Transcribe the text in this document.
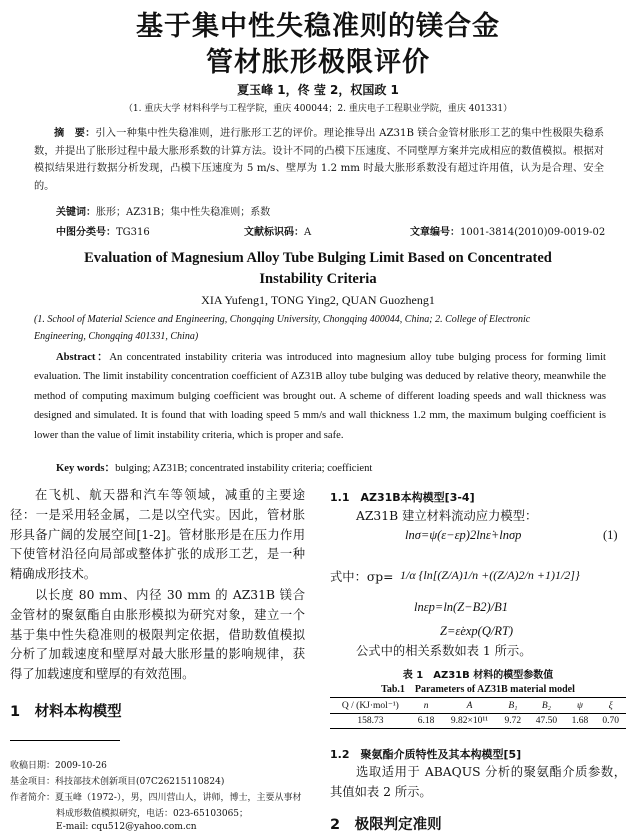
基于集中性失稳准则的镁合金
管材胀形极限评价
夏玉峰 1，佟 莹 2，权国政 1
（1. 重庆大学 材料科学与工程学院，重庆 400044；2. 重庆电子工程职业学院，重庆 401331）
摘　要：引入一种集中性失稳准则，进行胀形工艺的评价。理论推导出 AZ31B 镁合金管材胀形工艺的集中性极限失稳系数，并提出了胀形过程中最大胀形系数的计算方法。设计不同的凸模下压速度、不同壁厚方案并完成相应的数值模拟。根据对模拟结果进行数据分析发现，凸模下压速度为 5 m/s、壁厚为 1.2 mm 时最大胀形系数没有超过许用值，认为是合理、安全的。
关键词：胀形；AZ31B；集中性失稳准则；系数
中图分类号：TG316	文献标识码：A	文章编号：1001-3814(2010)09-0019-02
Evaluation of Magnesium Alloy Tube Bulging Limit Based on Concentrated
Instability Criteria
XIA Yufeng1, TONG Ying2, QUAN Guozheng1
(1. School of Material Science and Engineering, Chongqing University, Chongqing 400044, China; 2. College of Electronic
Engineering, Chongqing 401331, China)
Abstract：An concentrated instability criteria was introduced into magnesium alloy tube bulging process for forming limit evaluation. The limit instability concentration coefficient of AZ31B alloy tube bulging was deduced by relative theory, meanwhile the method of computing maximum bulging coefficient was brought out. A scheme of different loading speeds and wall thickness was designed and simulated. It is found that with loading speed 5 mm/s and wall thickness 1.2 mm, the maximum bulging coefficient is lower than the value of limit instability criteria, which is proper and safe.
Key words：bulging; AZ31B; concentrated instability criteria; coefficient
在飞机、航天器和汽车等领域，减重的主要途径：一是采用轻金属，二是以空代实。因此，管材胀形具备广阔的发展空间[1-2]。管材胀形是在压力作用下使管材沿径向局部或整体扩张的成形工艺，是一种精确成形技术。
以长度 80 mm、内径 30 mm 的 AZ31B 镁合金管材的聚氨酯自由胀形模拟为研究对象，建立一个基于集中性失稳准则的极限判定依据，借助数值模拟分析了加载速度和壁厚对最大胀形量的影响规律，获得了加载速度和壁厚的有效范围。
1　材料本构模型
收稿日期：2009-10-26
基金项目：科技部技术创新项目(07C26215110824)
作者简介：夏玉峰（1972-），男，四川营山人，讲师，博士，主要从事材
料成形数值模拟研究，电话：023-65103065；
E-mail: cqu512@yahoo.com.cn
1.1　AZ31B本构模型[3-4]
AZ31B 建立材料流动应力模型：
lnσ=ψ(ε−εp)2lnε̇+lnσp	(1)
式中：σp= 1/α {ln[(Z/A)1/n +((Z/A)2/n +1)1/2]}
lnεp=ln(Z−B2)/B1
Z=ε̇exp(Q/RT)
公式中的相关系数如表 1 所示。
表 1　AZ31B 材料的模型参数值
Tab.1　Parameters of AZ31B material model
Q / (KJ·mol⁻¹)	n	A	B₁	B₂	ψ	ξ
158.73	6.18	9.82×10¹¹	9.72	47.50	1.68	0.70
1.2　聚氨酯介质特性及其本构模型[5]
选取适用于 ABAQUS 分析的聚氨酯介质参数，其值如表 2 所示。
2　极限判定准则
